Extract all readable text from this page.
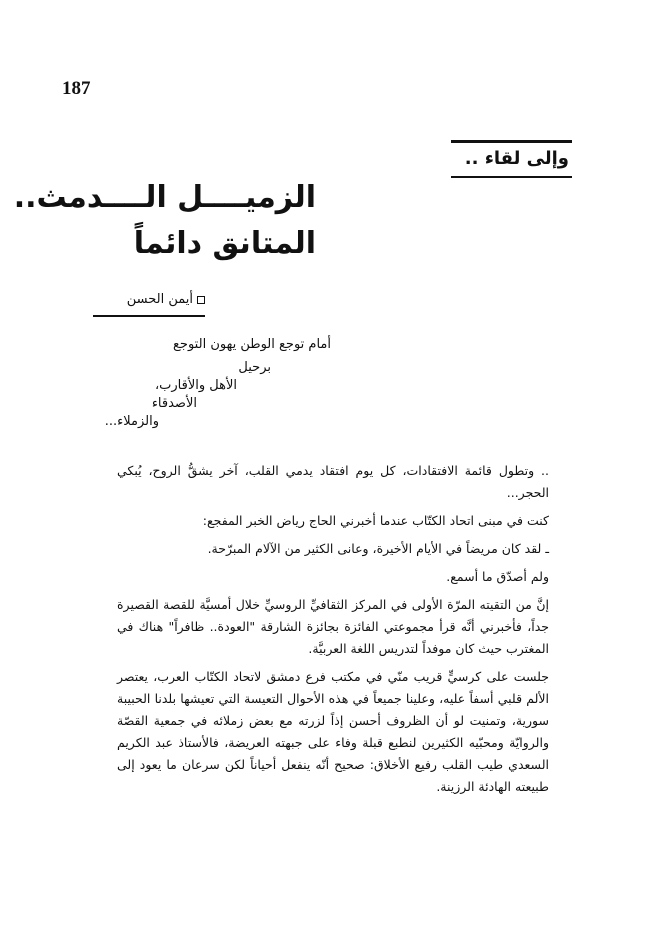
187
وإلى لقاء ..
الزميــــل الــــدمث..
المتانق دائماً
أيمن الحسن
أمام توجع الوطن يهون التوجع
برحيل
الأهل والأقارب،
الأصدقاء
والزملاء...

.. وتطول قائمة الافتقادات، كل يوم افتقاد يدمي القلب، آخر يشقُّ الروح، يُبكي الحجر...

كنت في مبنى اتحاد الكتّاب عندما أخبرني الحاج رياض الخبر المفجع:

ـ لقد كان مريضاً في الأيام الأخيرة، وعانى الكثير من الآلام المبرّحة.

ولم أصدّق ما أسمع.

إنَّ من التقيته المرّة الأولى في المركز الثقافيِّ الروسيِّ خلال أمسيَّة للقصة القصيرة جداً، فأخبرني أنَّه قرأ مجموعتي الفائزة بجائزة الشارقة "العودة.. ظافراً" هناك في المغترب حيث كان موفداً لتدريس اللغة العربيَّة.

جلست على كرسيٍّ قريب منّي في مكتب فرع دمشق لاتحاد الكتّاب العرب، يعتصر الألم قلبي أسفاً عليه، وعلينا جميعاً في هذه الأحوال التعيسة التي تعيشها بلدنا الحبيبة سورية، وتمنيت لو أن الظروف أحسن إذاً لزرته مع بعض زملائه في جمعية القصّة والروايّة ومحبّيه الكثيرين لنطبع قبلة وفاء على جبهته العريضة، فالأستاذ عبد الكريم السعدي طيب القلب رفيع الأخلاق: صحيح أنّه ينفعل أحياناً لكن سرعان ما يعود إلى طبيعته الهادئة الرزينة.
